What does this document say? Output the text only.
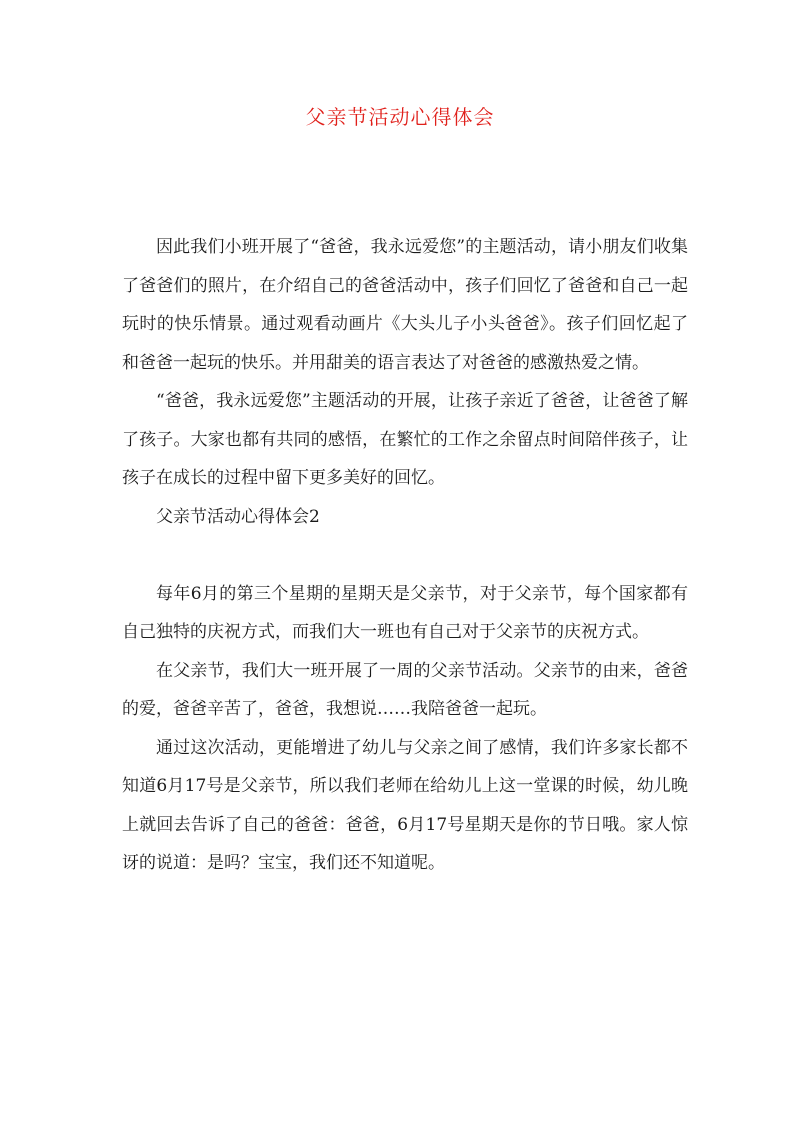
父亲节活动心得体会

因此我们小班开展了“爸爸，我永远爱您”的主题活动，请小朋友们收集了爸爸们的照片，在介绍自己的爸爸活动中，孩子们回忆了爸爸和自己一起玩时的快乐情景。通过观看动画片《大头儿子小头爸爸》。孩子们回忆起了和爸爸一起玩的快乐。并用甜美的语言表达了对爸爸的感激热爱之情。

“爸爸，我永远爱您”主题活动的开展，让孩子亲近了爸爸，让爸爸了解了孩子。大家也都有共同的感悟，在繁忙的工作之余留点时间陪伴孩子，让孩子在成长的过程中留下更多美好的回忆。

父亲节活动心得体会2

每年6月的第三个星期的星期天是父亲节，对于父亲节，每个国家都有自己独特的庆祝方式，而我们大一班也有自己对于父亲节的庆祝方式。

在父亲节，我们大一班开展了一周的父亲节活动。父亲节的由来，爸爸的爱，爸爸辛苦了，爸爸，我想说……我陪爸爸一起玩。

通过这次活动，更能增进了幼儿与父亲之间了感情，我们许多家长都不知道6月17号是父亲节，所以我们老师在给幼儿上这一堂课的时候，幼儿晚上就回去告诉了自己的爸爸：爸爸，6月17号星期天是你的节日哦。家人惊讶的说道：是吗？宝宝，我们还不知道呢。
